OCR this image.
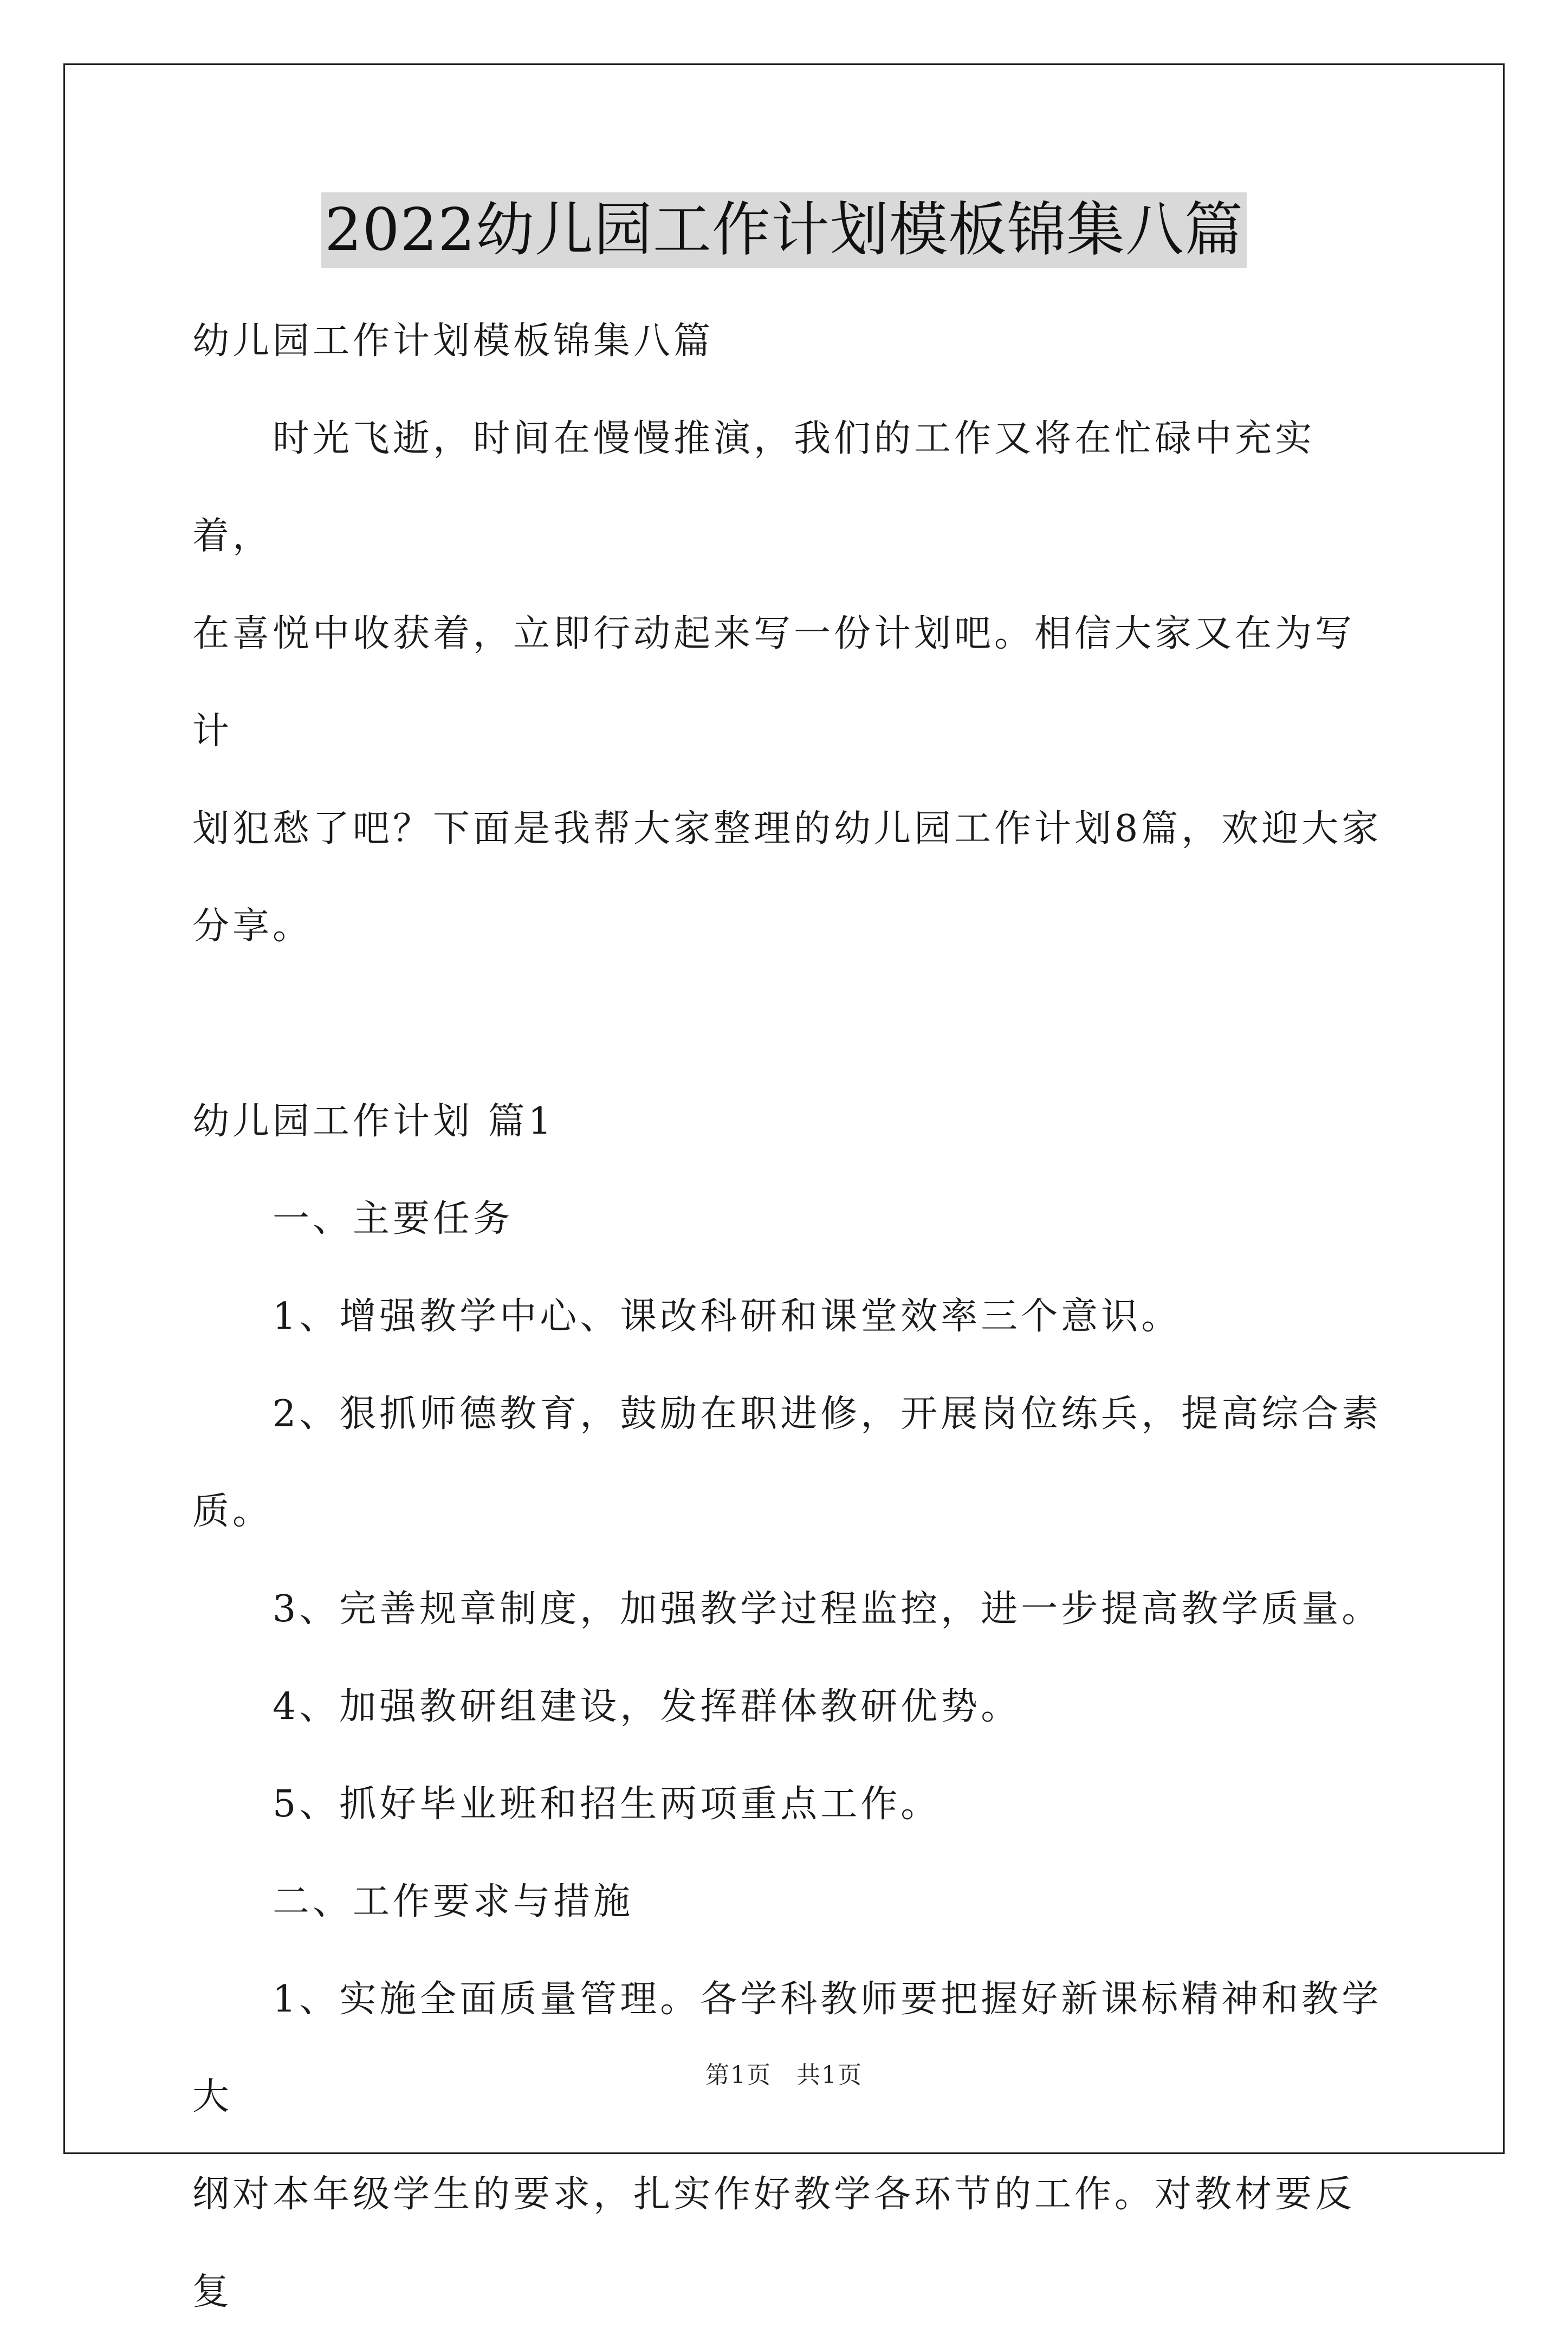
2022幼儿园工作计划模板锦集八篇

幼儿园工作计划模板锦集八篇

时光飞逝，时间在慢慢推演，我们的工作又将在忙碌中充实着，

在喜悦中收获着，立即行动起来写一份计划吧。相信大家又在为写计

划犯愁了吧？下面是我帮大家整理的幼儿园工作计划8篇，欢迎大家

分享。

幼儿园工作计划 篇1

一、主要任务

1、增强教学中心、课改科研和课堂效率三个意识。

2、狠抓师德教育，鼓励在职进修，开展岗位练兵，提高综合素质。

3、完善规章制度，加强教学过程监控，进一步提高教学质量。

4、加强教研组建设，发挥群体教研优势。

5、抓好毕业班和招生两项重点工作。

二、工作要求与措施

1、实施全面质量管理。各学科教师要把握好新课标精神和教学大

纲对本年级学生的要求，扎实作好教学各环节的工作。对教材要反复

第1页　共1页
